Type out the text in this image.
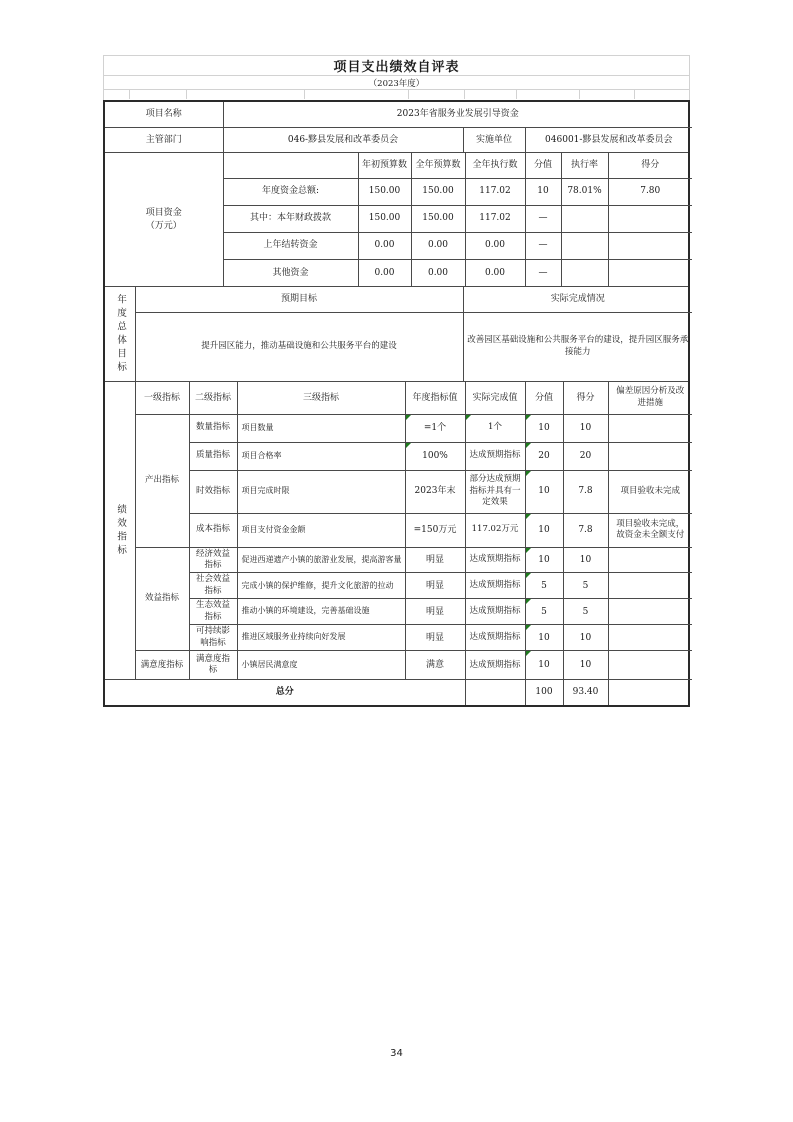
项目支出绩效自评表
（2023年度）
项目名称	2023年省服务业发展引导资金		
主管部门	046-黟县发展和改革委员会	实施单位	046001-黟县发展和改革委员会
项目资金
（万元）		年初预算数	全年预算数	全年执行数	分值	执行率	得分
	年度资金总额:	150.00	150.00	117.02	10	78.01%	7.80
	其中：本年财政拨款	150.00	150.00	117.02	—		
	上年结转资金	0.00	0.00	0.00	—		
	其他资金	0.00	0.00	0.00	—		
年度总体目标	预期目标	实际完成情况
	提升园区能力，推动基础设施和公共服务平台的建设	改善园区基础设施和公共服务平台的建设，提升园区服务承接能力
绩效指标	一级指标	二级指标	三级指标	年度指标值	实际完成值	分值	得分	偏差原因分析及改进措施
	产出指标	数量指标	项目数量	=1个	1个	10	10	
		质量指标	项目合格率	100%	达成预期指标	20	20	
		时效指标	项目完成时限	2023年末	部分达成预期指标并具有一定效果	10	7.8	项目验收未完成
		成本指标	项目支付资金金额	=150万元	117.02万元	10	7.8	项目验收未完成，故资金未全额支付
	效益指标	经济效益指标	促进西递遗产小镇的旅游业发展，提高游客量	明显	达成预期指标	10	10	
		社会效益指标	完成小镇的保护维修，提升文化旅游的拉动	明显	达成预期指标	5	5	
		生态效益指标	推动小镇的环境建设，完善基础设施	明显	达成预期指标	5	5	
		可持续影响指标	推进区域服务业持续向好发展	明显	达成预期指标	10	10	
	满意度指标	满意度指标	小镇居民满意度	满意	达成预期指标	10	10	
总分						100	93.40	
34
